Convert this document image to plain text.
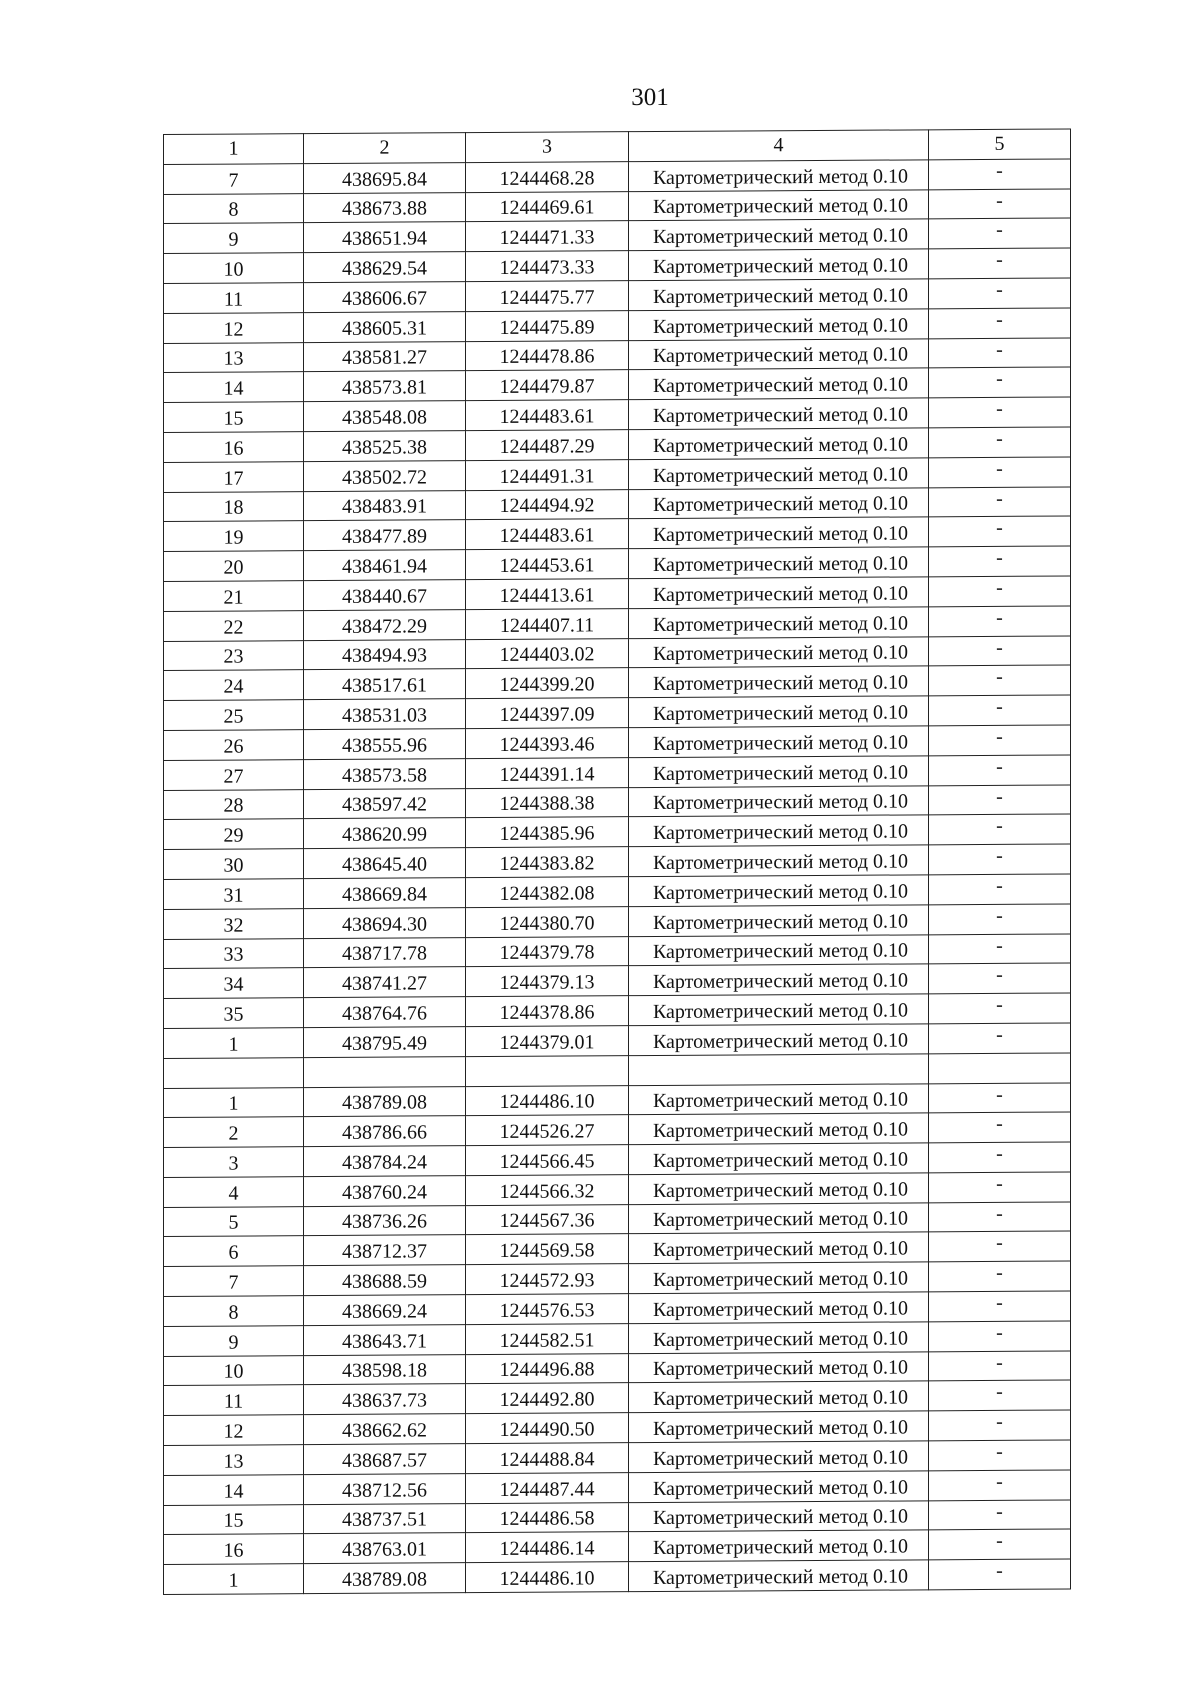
301
1	2	3	4	5
7	438695.84	1244468.28	Картометрический метод 0.10	-
8	438673.88	1244469.61	Картометрический метод 0.10	-
9	438651.94	1244471.33	Картометрический метод 0.10	-
10	438629.54	1244473.33	Картометрический метод 0.10	-
11	438606.67	1244475.77	Картометрический метод 0.10	-
12	438605.31	1244475.89	Картометрический метод 0.10	-
13	438581.27	1244478.86	Картометрический метод 0.10	-
14	438573.81	1244479.87	Картометрический метод 0.10	-
15	438548.08	1244483.61	Картометрический метод 0.10	-
16	438525.38	1244487.29	Картометрический метод 0.10	-
17	438502.72	1244491.31	Картометрический метод 0.10	-
18	438483.91	1244494.92	Картометрический метод 0.10	-
19	438477.89	1244483.61	Картометрический метод 0.10	-
20	438461.94	1244453.61	Картометрический метод 0.10	-
21	438440.67	1244413.61	Картометрический метод 0.10	-
22	438472.29	1244407.11	Картометрический метод 0.10	-
23	438494.93	1244403.02	Картометрический метод 0.10	-
24	438517.61	1244399.20	Картометрический метод 0.10	-
25	438531.03	1244397.09	Картометрический метод 0.10	-
26	438555.96	1244393.46	Картометрический метод 0.10	-
27	438573.58	1244391.14	Картометрический метод 0.10	-
28	438597.42	1244388.38	Картометрический метод 0.10	-
29	438620.99	1244385.96	Картометрический метод 0.10	-
30	438645.40	1244383.82	Картометрический метод 0.10	-
31	438669.84	1244382.08	Картометрический метод 0.10	-
32	438694.30	1244380.70	Картометрический метод 0.10	-
33	438717.78	1244379.78	Картометрический метод 0.10	-
34	438741.27	1244379.13	Картометрический метод 0.10	-
35	438764.76	1244378.86	Картометрический метод 0.10	-
1	438795.49	1244379.01	Картометрический метод 0.10	-

1	438789.08	1244486.10	Картометрический метод 0.10	-
2	438786.66	1244526.27	Картометрический метод 0.10	-
3	438784.24	1244566.45	Картометрический метод 0.10	-
4	438760.24	1244566.32	Картометрический метод 0.10	-
5	438736.26	1244567.36	Картометрический метод 0.10	-
6	438712.37	1244569.58	Картометрический метод 0.10	-
7	438688.59	1244572.93	Картометрический метод 0.10	-
8	438669.24	1244576.53	Картометрический метод 0.10	-
9	438643.71	1244582.51	Картометрический метод 0.10	-
10	438598.18	1244496.88	Картометрический метод 0.10	-
11	438637.73	1244492.80	Картометрический метод 0.10	-
12	438662.62	1244490.50	Картометрический метод 0.10	-
13	438687.57	1244488.84	Картометрический метод 0.10	-
14	438712.56	1244487.44	Картометрический метод 0.10	-
15	438737.51	1244486.58	Картометрический метод 0.10	-
16	438763.01	1244486.14	Картометрический метод 0.10	-
1	438789.08	1244486.10	Картометрический метод 0.10	-
